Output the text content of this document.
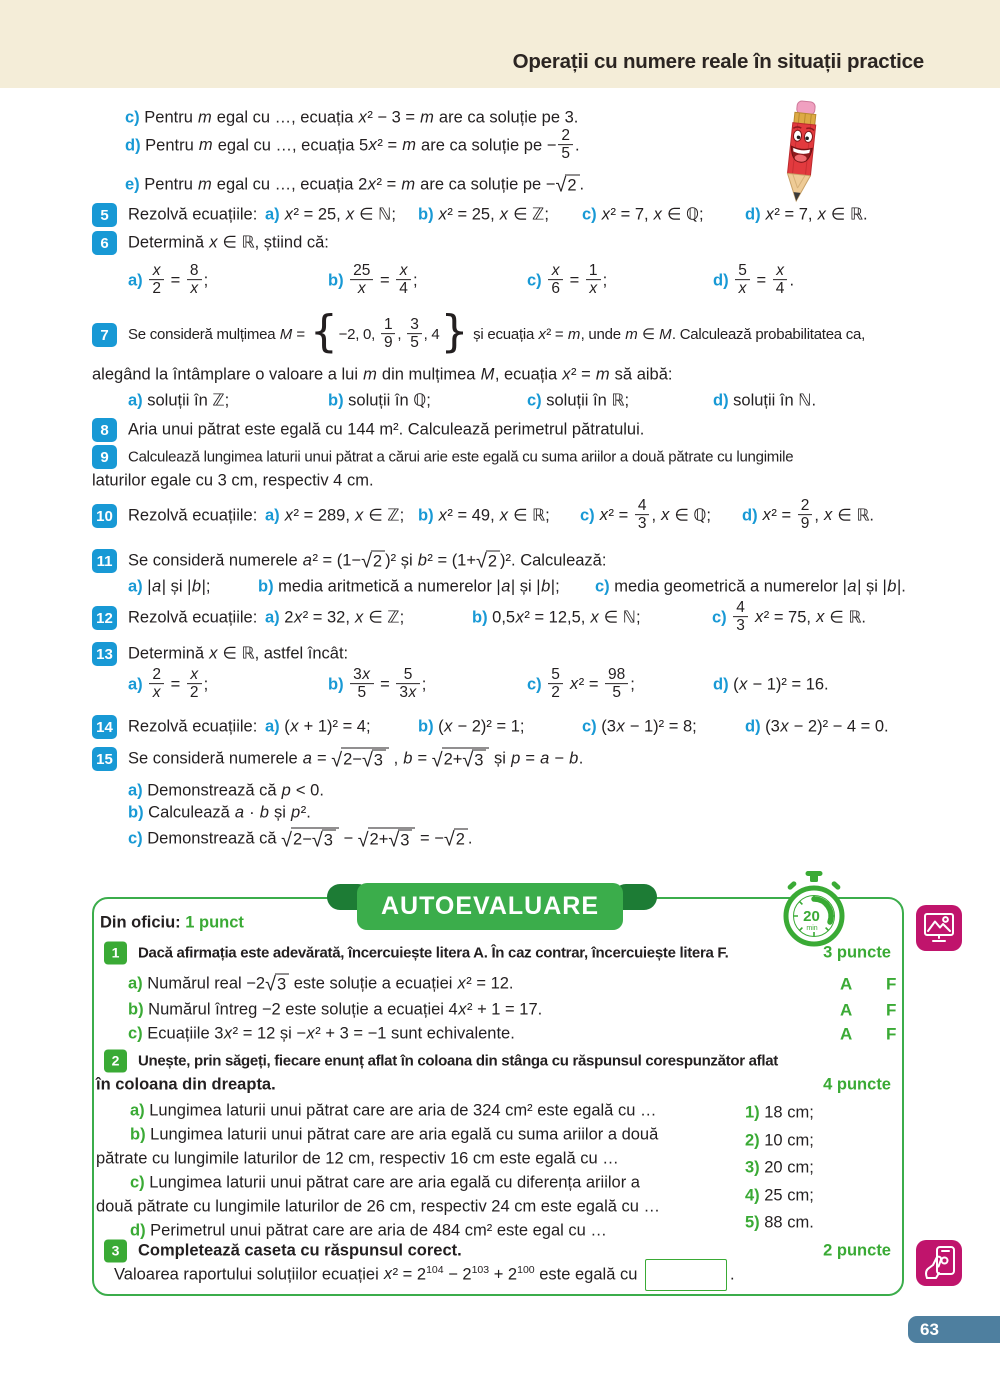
Operații cu numere reale în situații practice
c) Pentru m egal cu …, ecuația x² − 3 = m are ca soluție pe 3.
d) Pentru m egal cu …, ecuația 5x² = m are ca soluție pe − $\frac{2}{5}$ .
e) Pentru m egal cu …, ecuația 2x² = m are ca soluție pe − √ 2 .
5	Rezolvă ecuațiile: a) x² = 25, x ∈ ℕ; b) x² = 25, x ∈ ℤ; c) x² = 7, x ∈ ℚ;	d) x² = 7, x ∈ ℝ.
6	Determină x ∈ ℝ, știind că:
$a) \frac{x}{2} = \frac{8}{x}$ ;	$b) \frac{25}{x} = \frac{x}{4}$ ;	$c) \frac{x}{6} = \frac{1}{x}$ ;	$d) \frac{5}{x} = \frac{x}{4}$ .
7	Se consideră mulțimea M = {−2, 0, $\frac{1}{9}$ , $\frac{3}{5}$ , 4} și ecuația x² = m, unde m ∈ M. Calculează probabilitatea ca,
alegând la întâmplare o valoare a lui m din mulțimea M, ecuația x² = m să aibă:
a) soluții în ℤ;	b) soluții în ℚ;	c) soluții în ℝ;	d) soluții în ℕ.
8	Aria unui pătrat este egală cu 144 m². Calculează perimetrul pătratului.
9	Calculează lungimea laturii unui pătrat a cărui arie este egală cu suma ariilor a două pătrate cu lungimile
laturilor egale cu 3 cm, respectiv 4 cm.
10 Rezolvă ecuațiile: a) x² = 289, x ∈ ℤ; b) x² = 49, x ∈ ℝ; c) $x^2 = \frac{4}{3}$ , x ∈ ℚ; d) $x^2 = \frac{2}{9}$ , x ∈ ℝ.
11 Se consideră numerele a² = (1− √ 2 )² și b² = (1+ √ 2 )². Calculează:
a) |a| și |b|;	b) media aritmetică a numerelor |a| și |b|; c) media geometrică a numerelor |a| și |b|.
12 Rezolvă ecuațiile: a) 2x² = 32, x ∈ ℤ;	b) 0,5x² = 12,5, x ∈ ℕ;	$c) \frac{4}{3} x^2 = 75$, x ∈ ℝ.
13 Determină x ∈ ℝ, astfel încât:
$a) \frac{2}{x} = \frac{x}{2}$ ;	$b) \frac{3x}{5} = \frac{5}{3x}$ ;	$c) \frac{5}{2} x^2 = \frac{98}{5}$ ;	d) (x − 1)² = 16.
14 Rezolvă ecuațiile: a) (x + 1)² = 4;	b) (x − 2)² = 1;	c) (3x − 1)² = 8;	d) (3x − 2)² − 4 = 0.
15 Se consideră numerele a = √ 2− √ 3 , b = √ 2+ √ 3 și p = a − b.
a) Demonstrează că p < 0.
b) Calculează a · b și p².
c) Demonstrează că √ 2− √ 3 − √ 2+ √ 3 = − √ 2 .
AUTOEVALUARE	20
min
Din oficiu: 1 punct
1	Dacă afirmația este adevărată, încercuiește litera A. În caz contrar, încercuiește litera F.	3 puncte
a) Numărul real −2 √ 3 este soluție a ecuației x² = 12.	A F
b) Numărul întreg −2 este soluție a ecuației 4x² + 1 = 17.	A F
c) Ecuațiile 3x² = 12 și −x² + 3 = −1 sunt echivalente.	A F
2	Unește, prin săgeți, fiecare enunț aflat în coloana din stânga cu răspunsul corespunzător aflat
în coloana din dreapta.	4 puncte
a) Lungimea laturii unui pătrat care are aria de 324 cm² este egală cu …
b) Lungimea laturii unui pătrat care are aria egală cu suma ariilor a două
pătrate cu lungimile laturilor de 12 cm, respectiv 16 cm este egală cu …
c) Lungimea laturii unui pătrat care are aria egală cu diferența ariilor a
două pătrate cu lungimile laturilor de 26 cm, respectiv 24 cm este egală cu …
d) Perimetrul unui pătrat care are aria de 484 cm² este egal cu …
1) 18 cm;
2) 10 cm;
3) 20 cm;
4) 25 cm;
5) 88 cm.
3	Completează caseta cu răspunsul corect.	2 puncte
Valoarea raportului soluțiilor ecuației $x^2 = 2^{104} - 2^{103} + 2^{100}$ este egală cu	.
63
